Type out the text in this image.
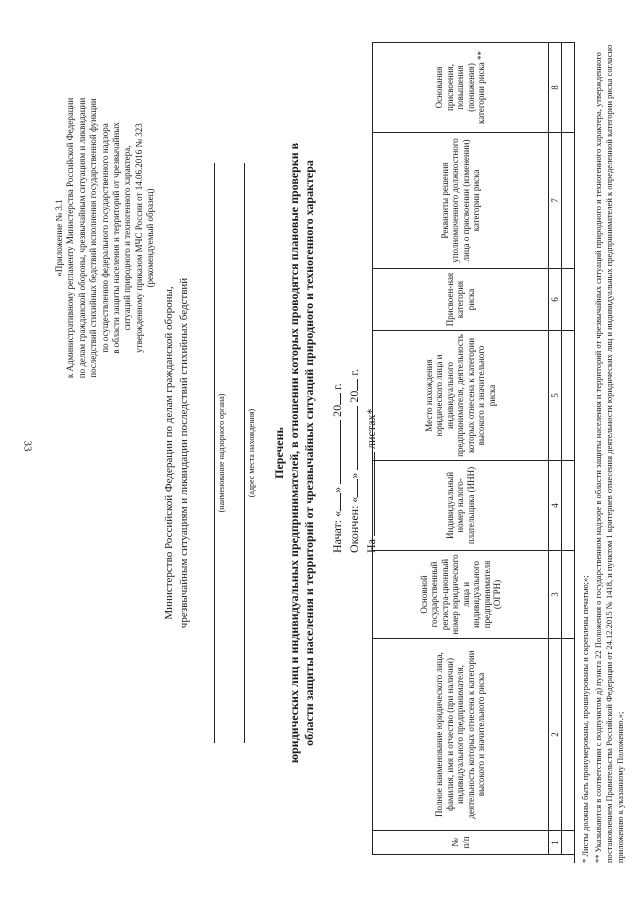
33
«Приложение № 3.1 к Административному регламенту Министерства Российской Федерации по делам гражданской обороны, чрезвычайным ситуациям и ликвидации последствий стихийных бедствий исполнения государственной функции по осуществлению федерального государственного надзора в области защиты населения и территорий от чрезвычайных ситуаций природного и техногенного характера, утвержденному приказом МЧС России от 14.06.2016 № 323 (рекомендуемый образец)
Министерство Российской Федерации по делам гражданской обороны, чрезвычайным ситуациям и ликвидации последствий стихийных бедствий	(наименование надзорного органа)	(адрес места нахождения) Перечень юридических лиц и индивидуальных предпринимателей, в отношении которых проводятся плановые проверки в области защиты населения и территорий от чрезвычайных ситуаций природного и техногенного характера Начат: «»  20 г.
Окончен: «»  20 г.
На  листах*
№ п/п	Полное наименование юридического лица, фамилия, имя и отчество (при наличии) индивидуального предпринимателя, деятельность которых отнесена к категории высокого и значительного риска	Основной государственный регистра-ционный номер юридического лица и индивидуального предпринимателя (ОГРН)	Индивидуальный номер налого-плательщика (ИНН)	Место нахождения юридического лица и индивидуального предпринимателя, деятельность которых отнесена к категории высокого и значительного риска	Присвоен-ная категория риска	Реквизиты решения уполномоченного должностного лица о присвоении (изменении) категории риска	Основания присвоения, повышения (понижения) категории риска **
1	2	3	4	5	6	7	8

* Листы должны быть пронумерованы, прошнурованы и скреплены печатью;»; ** Указываются в соответствии с подпунктом д) пункта 22 Положения о государственном надзоре в области защиты населения и территорий от чрезвычайных ситуаций природного и техногенного характера, утвержденного постановлением Правительства Российской Федерации от 24.12.2015 № 1418, и пунктом 1 критериев отнесения деятельности юридических лиц и индивидуальных предпринимателей к определенной категории риска согласно приложению к указанному Положению.»;
